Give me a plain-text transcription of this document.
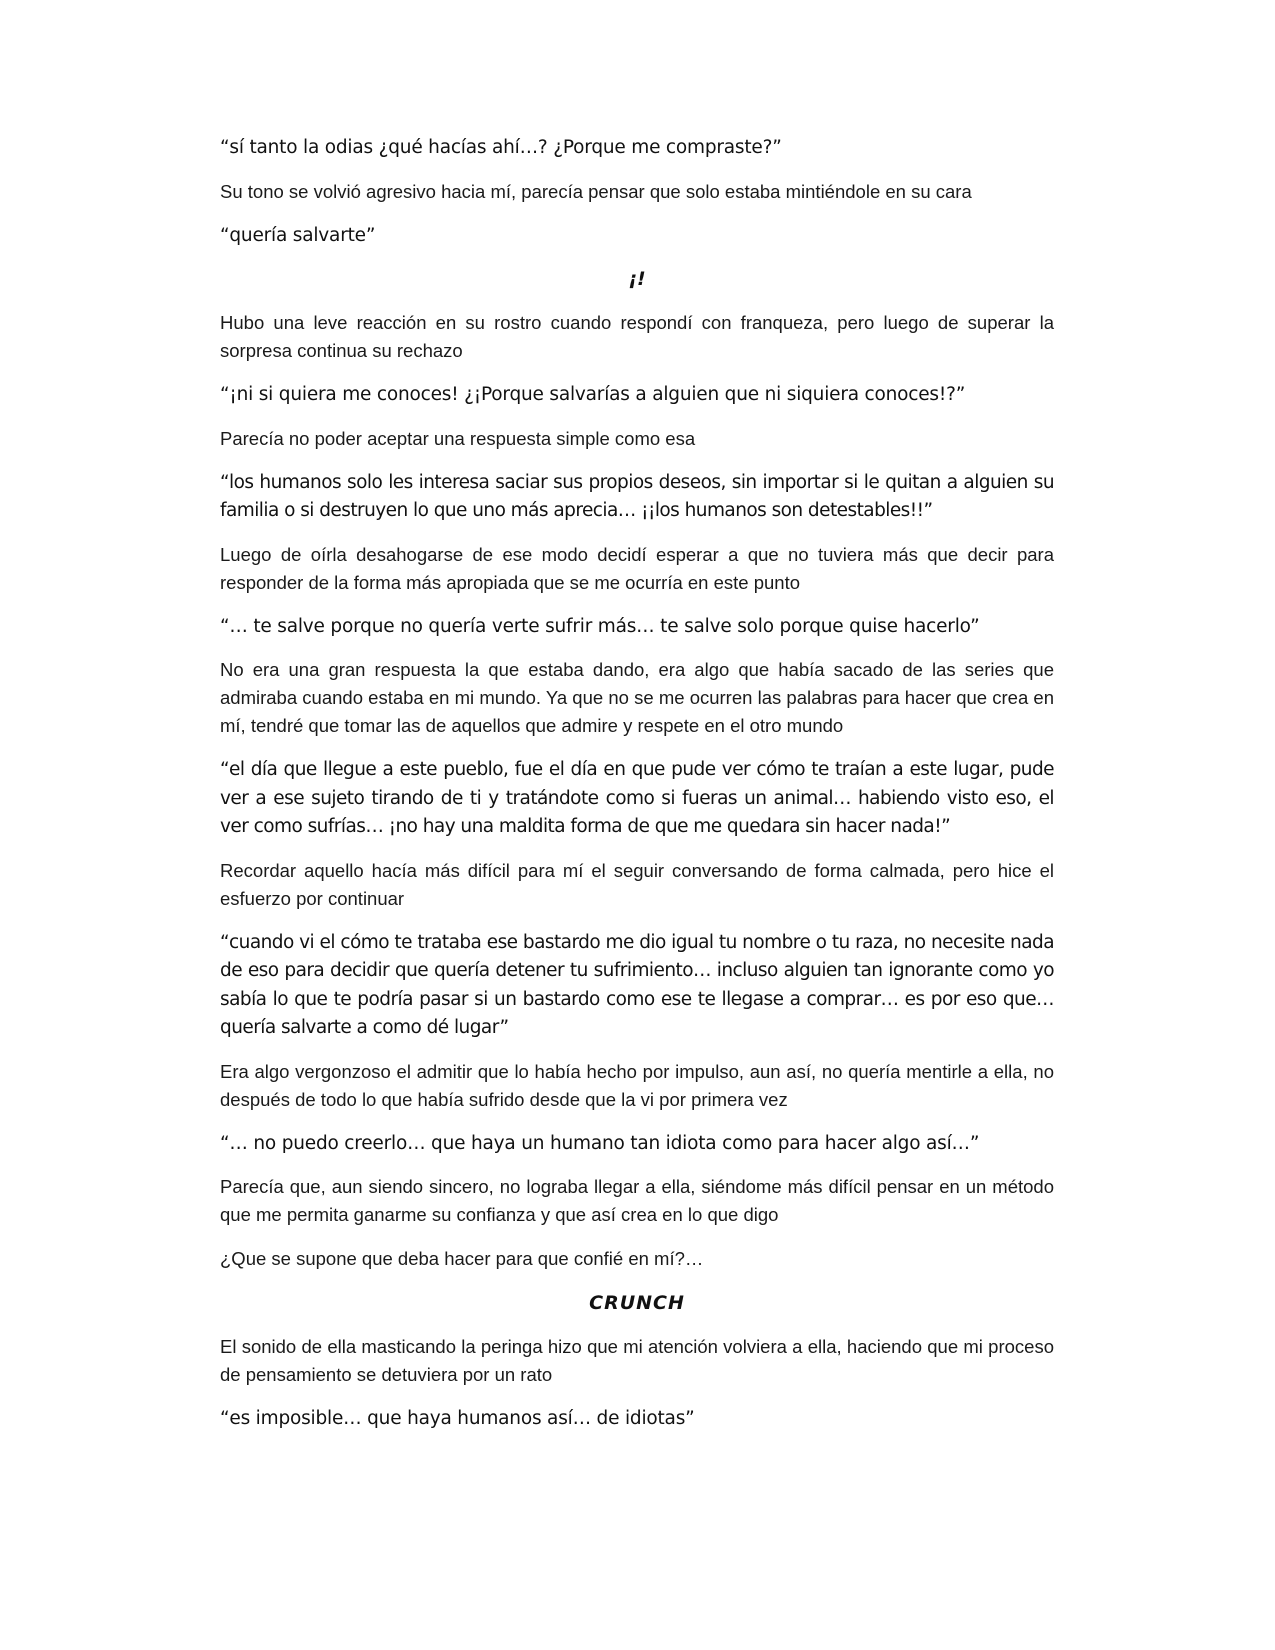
“sí tanto la odias ¿qué hacías ahí…? ¿Porque me compraste?”

Su tono se volvió agresivo hacia mí, parecía pensar que solo estaba mintiéndole en su cara

“quería salvarte”

¡!

Hubo una leve reacción en su rostro cuando respondí con franqueza, pero luego de superar la sorpresa continua su rechazo

“¡ni si quiera me conoces! ¿¡Porque salvarías a alguien que ni siquiera conoces!?”

Parecía no poder aceptar una respuesta simple como esa

“los humanos solo les interesa saciar sus propios deseos, sin importar si le quitan a alguien su familia o si destruyen lo que uno más aprecia… ¡¡los humanos son detestables!!”

Luego de oírla desahogarse de ese modo decidí esperar a que no tuviera más que decir para responder de la forma más apropiada que se me ocurría en este punto

“… te salve porque no quería verte sufrir más… te salve solo porque quise hacerlo”

No era una gran respuesta la que estaba dando, era algo que había sacado de las series que admiraba cuando estaba en mi mundo. Ya que no se me ocurren las palabras para hacer que crea en mí, tendré que tomar las de aquellos que admire y respete en el otro mundo

“el día que llegue a este pueblo, fue el día en que pude ver cómo te traían a este lugar, pude ver a ese sujeto tirando de ti y tratándote como si fueras un animal… habiendo visto eso, el ver como sufrías… ¡no hay una maldita forma de que me quedara sin hacer nada!”

Recordar aquello hacía más difícil para mí el seguir conversando de forma calmada, pero hice el esfuerzo por continuar

“cuando vi el cómo te trataba ese bastardo me dio igual tu nombre o tu raza, no necesite nada de eso para decidir que quería detener tu sufrimiento… incluso alguien tan ignorante como yo sabía lo que te podría pasar si un bastardo como ese te llegase a comprar… es por eso que… quería salvarte a como dé lugar”

Era algo vergonzoso el admitir que lo había hecho por impulso, aun así, no quería mentirle a ella, no después de todo lo que había sufrido desde que la vi por primera vez

“… no puedo creerlo… que haya un humano tan idiota como para hacer algo así…”

Parecía que, aun siendo sincero, no lograba llegar a ella, siéndome más difícil pensar en un método que me permita ganarme su confianza y que así crea en lo que digo

¿Que se supone que deba hacer para que confié en mí?…

CRUNCH

El sonido de ella masticando la peringa hizo que mi atención volviera a ella, haciendo que mi proceso de pensamiento se detuviera por un rato

“es imposible… que haya humanos así… de idiotas”
